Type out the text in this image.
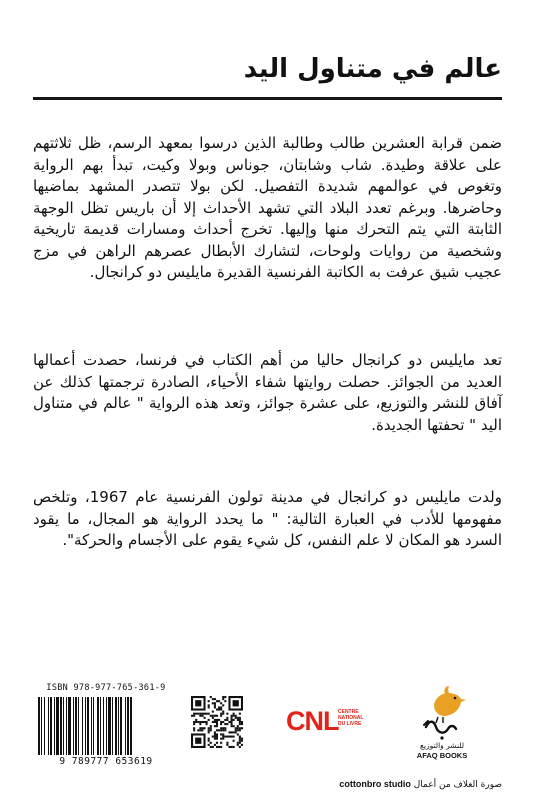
عالم في متناول اليد
ضمن قرابة العشرين طالب وطالبة الذين درسوا بمعهد الرسم، ظل ثلاثتهم على علاقة وطيدة. شاب وشابتان، جوناس وبولا وكيت، تبدأ بهم الرواية وتغوص في عوالمهم شديدة التفصيل. لكن بولا تتصدر المشهد بماضيها وحاضرها. وبرغم تعدد البلاد التي تشهد الأحداث إلا أن باريس تظل الوجهة الثابتة التي يتم التحرك منها وإليها. تخرج أحداث ومسارات قديمة تاريخية وشخصية من روايات ولوحات، لتشارك الأبطال عصرهم الراهن في مزج عجيب شيق عرفت به الكاتبة الفرنسية القديرة مايليس دو كرانجال.
تعد مايليس دو كرانجال حاليا من أهم الكتاب في فرنسا، حصدت أعمالها العديد من الجوائز. حصلت روايتها شفاء الأحياء، الصادرة ترجمتها كذلك عن آفاق للنشر والتوزيع، على عشرة جوائز، وتعد هذه الرواية " عالم في متناول اليد " تحفتها الجديدة.
ولدت مايليس دو كرانجال في مدينة تولون الفرنسية عام 1967، وتلخص مفهومها للأدب في العبارة التالية: " ما يحدد الرواية هو المجال، ما يقود السرد هو المكان لا علم النفس، كل شيء يقوم على الأجسام والحركة".
ISBN 978-977-765-361-9
9 789777 653619
CNL CENTRE
NATIONAL
DU LIVRE
للنشر والتوزيع
AFAQ BOOKS
صورة الغلاف من أعمال cottonbro studio
